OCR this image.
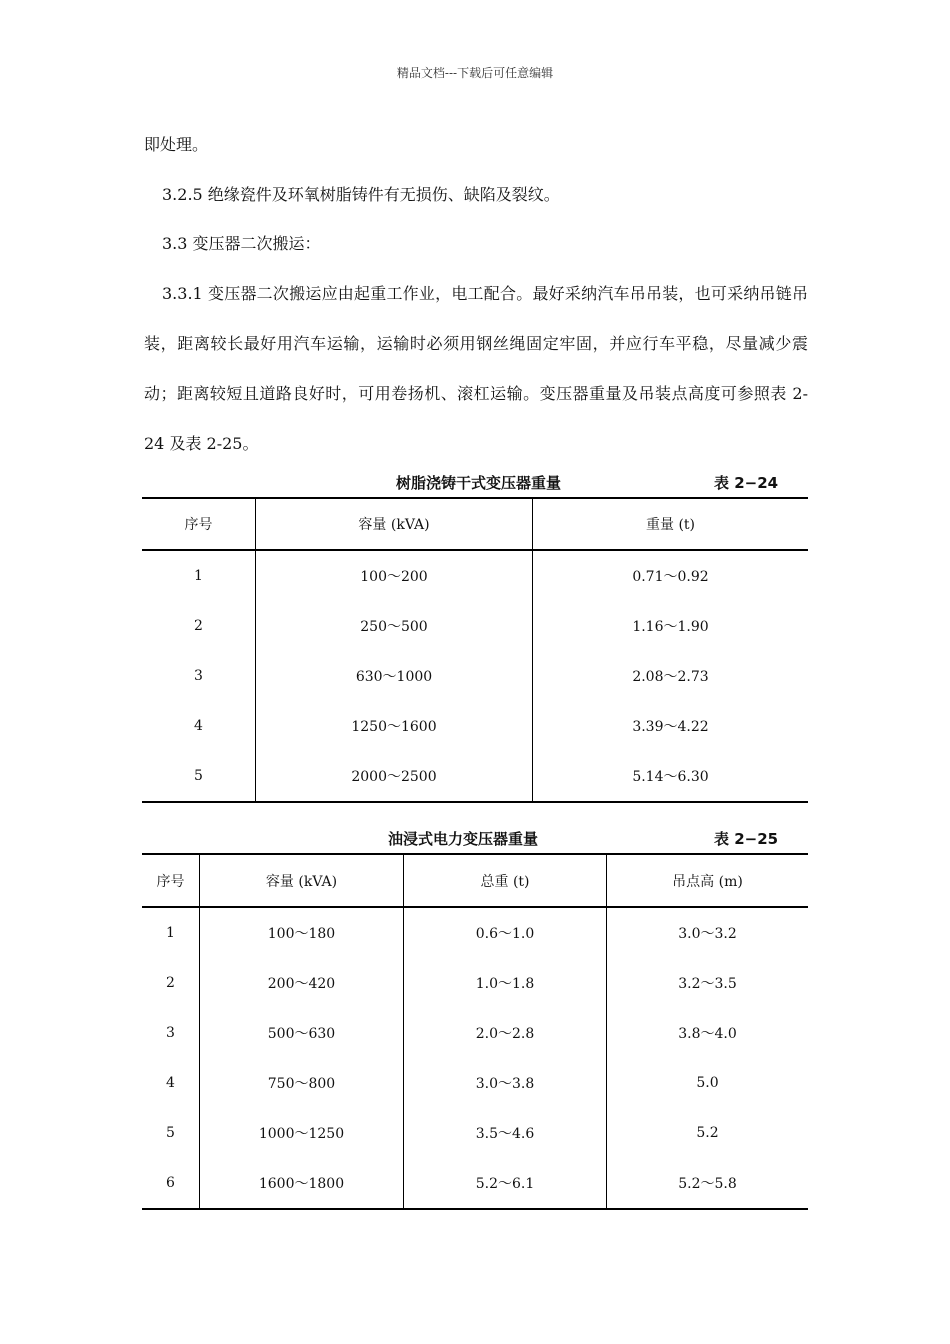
精品文档---下载后可任意编辑

即处理。

3.2.5 绝缘瓷件及环氧树脂铸件有无损伤、缺陷及裂纹。

3.3 变压器二次搬运：

3.3.1 变压器二次搬运应由起重工作业，电工配合。最好采纳汽车吊吊装，也可采纳吊链吊装，距离较长最好用汽车运输，运输时必须用钢丝绳固定牢固，并应行车平稳，尽量减少震动；距离较短且道路良好时，可用卷扬机、滚杠运输。变压器重量及吊装点高度可参照表 2-24 及表 2-25。

树脂浇铸干式变压器重量	表 2−24
序号	容量 (kVA)	重量 (t)
1	100～200	0.71～0.92
2	250～500	1.16～1.90
3	630～1000	2.08～2.73
4	1250～1600	3.39～4.22
5	2000～2500	5.14～6.30
油浸式电力变压器重量	表 2−25
序号	容量 (kVA)	总重 (t)	吊点高 (m)
1	100～180	0.6～1.0	3.0～3.2
2	200～420	1.0～1.8	3.2～3.5
3	500～630	2.0～2.8	3.8～4.0
4	750～800	3.0～3.8	5.0
5	1000～1250	3.5～4.6	5.2
6	1600～1800	5.2～6.1	5.2～5.8
